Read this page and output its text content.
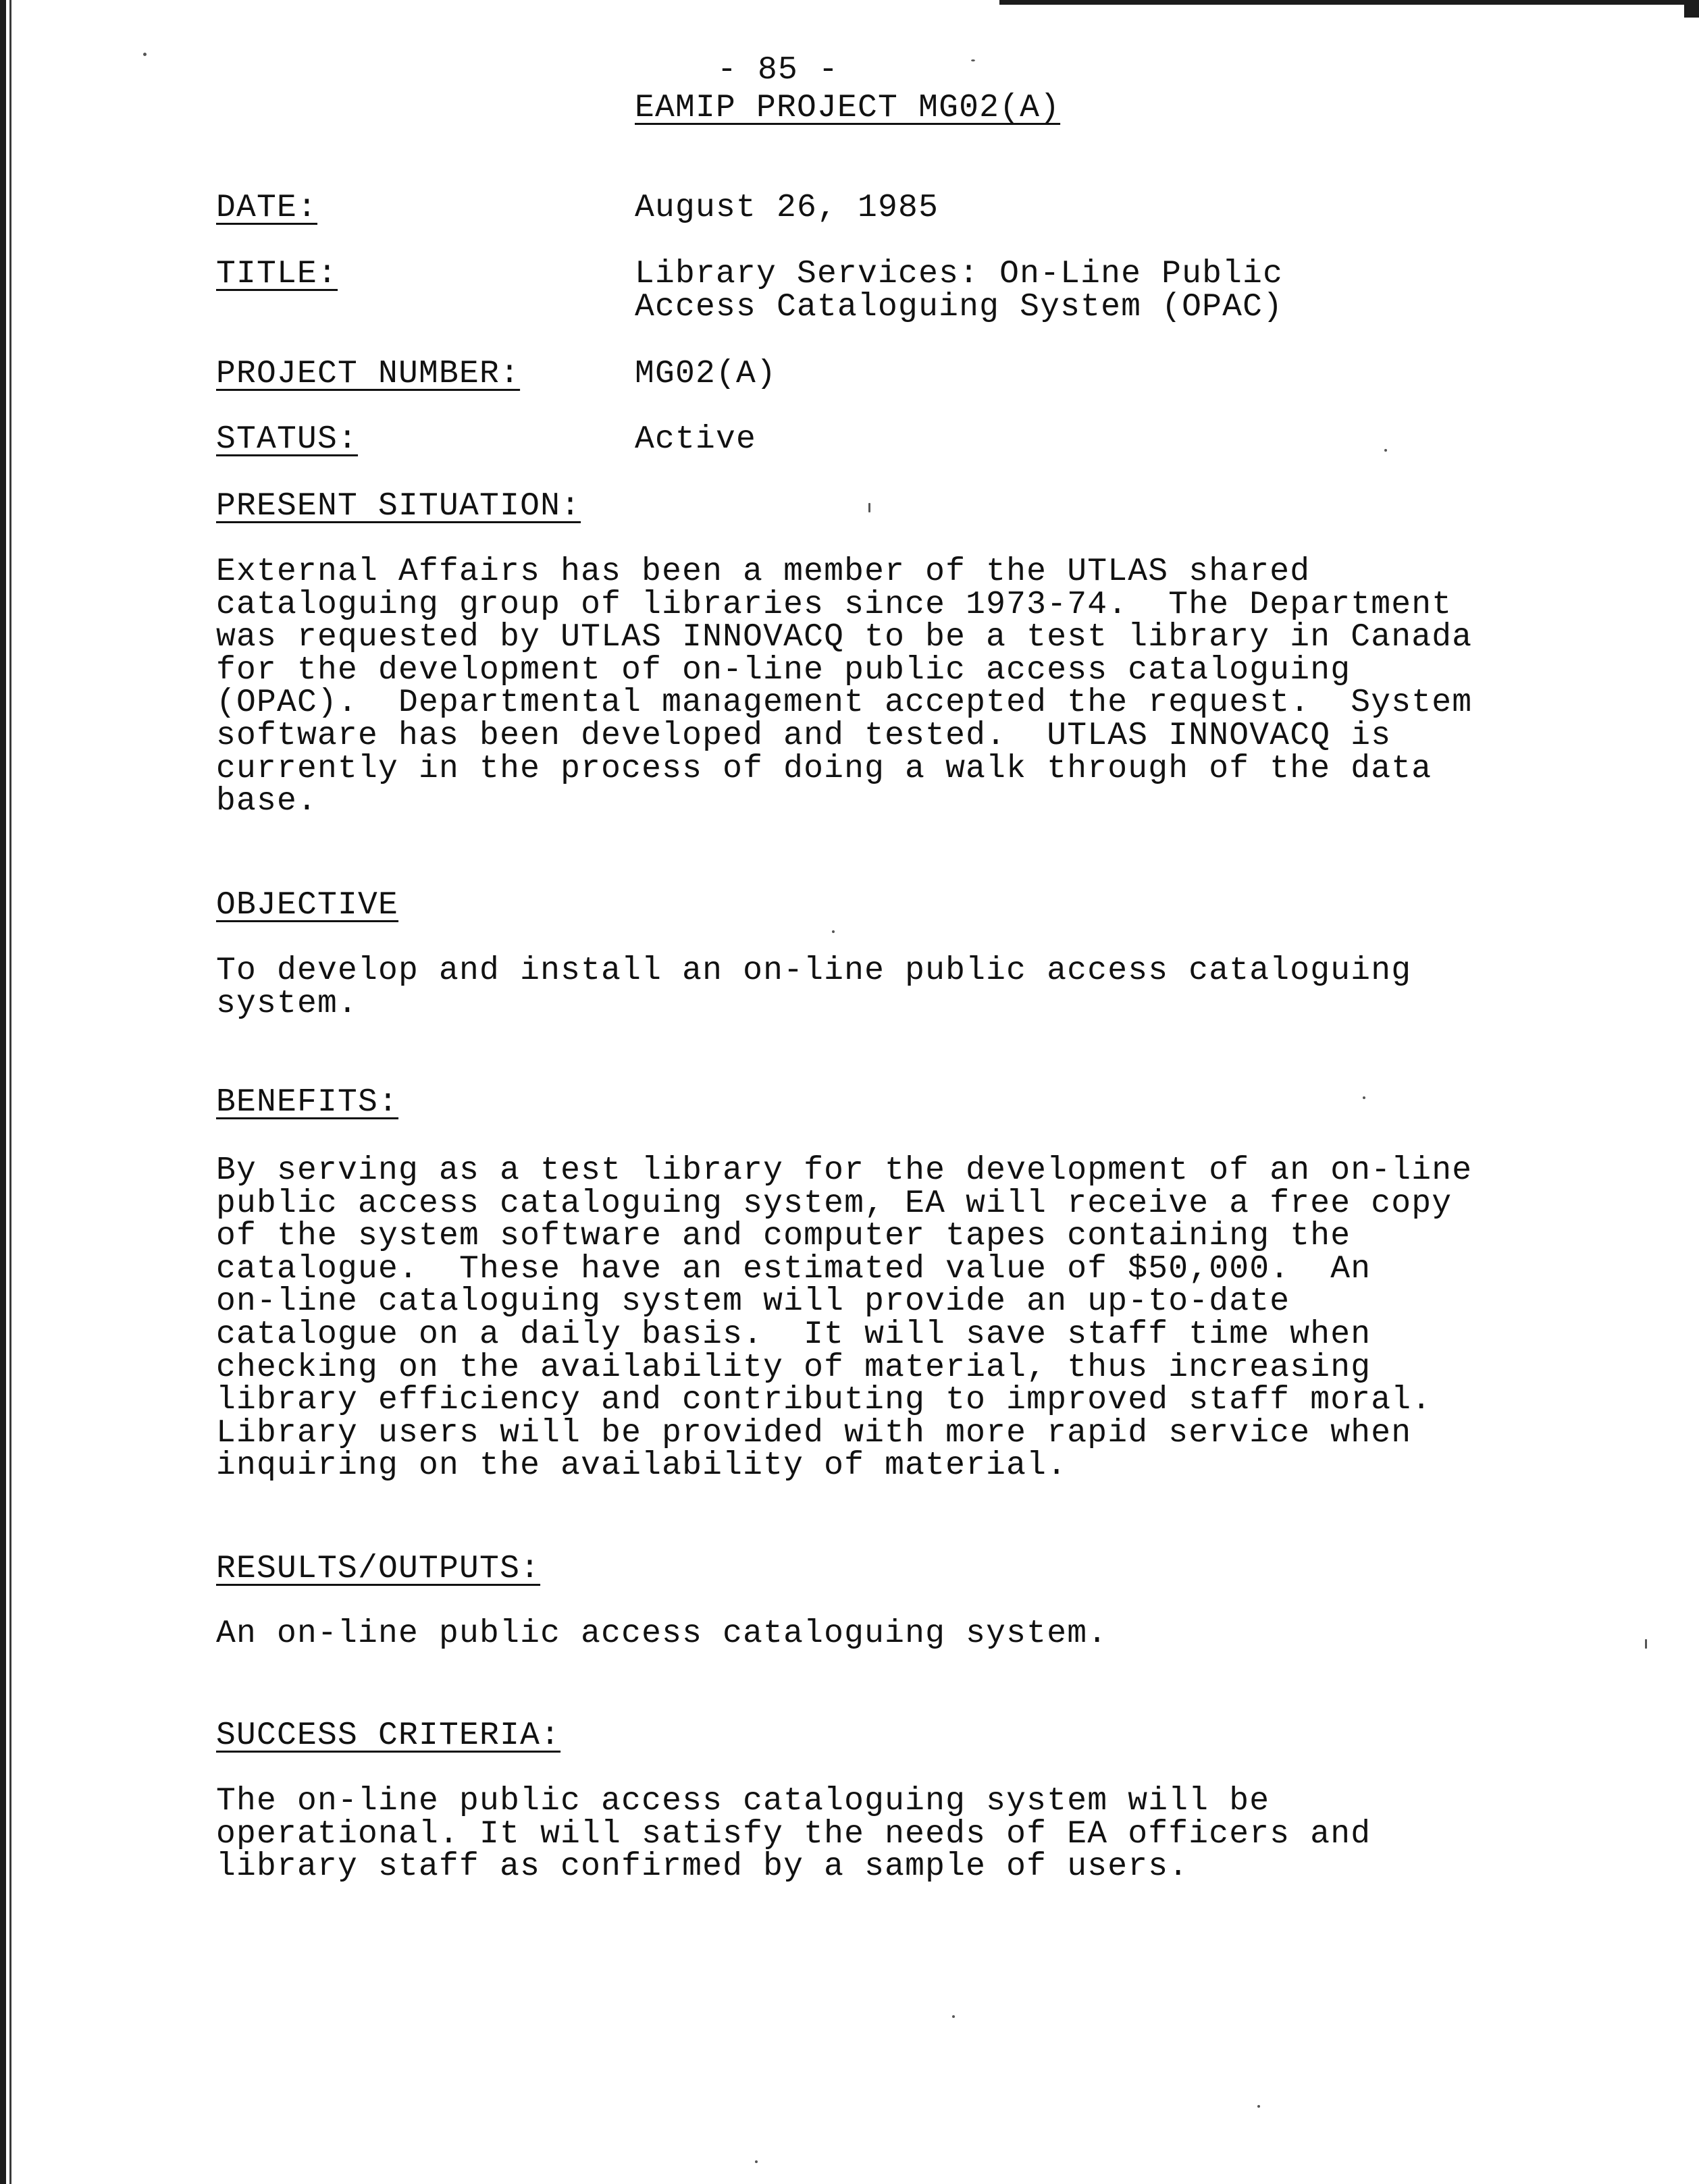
- 85 -
EAMIP PROJECT MG02(A)
DATE:	August 26, 1985
TITLE:	Library Services: On-Line Public
Access Cataloguing System (OPAC)
PROJECT NUMBER:	MG02(A)
STATUS:	Active
PRESENT SITUATION:
External Affairs has been a member of the UTLAS shared
cataloguing group of libraries since 1973-74.  The Department
was requested by UTLAS INNOVACQ to be a test library in Canada
for the development of on-line public access cataloguing
(OPAC).  Departmental management accepted the request.  System
software has been developed and tested.  UTLAS INNOVACQ is
currently in the process of doing a walk through of the data
base.
OBJECTIVE
To develop and install an on-line public access cataloguing
system.
BENEFITS:
By serving as a test library for the development of an on-line
public access cataloguing system, EA will receive a free copy
of the system software and computer tapes containing the
catalogue.  These have an estimated value of $50,000.  An
on-line cataloguing system will provide an up-to-date
catalogue on a daily basis.  It will save staff time when
checking on the availability of material, thus increasing
library efficiency and contributing to improved staff moral.
Library users will be provided with more rapid service when
inquiring on the availability of material.
RESULTS/OUTPUTS:
An on-line public access cataloguing system.
SUCCESS CRITERIA:
The on-line public access cataloguing system will be
operational. It will satisfy the needs of EA officers and
library staff as confirmed by a sample of users.
